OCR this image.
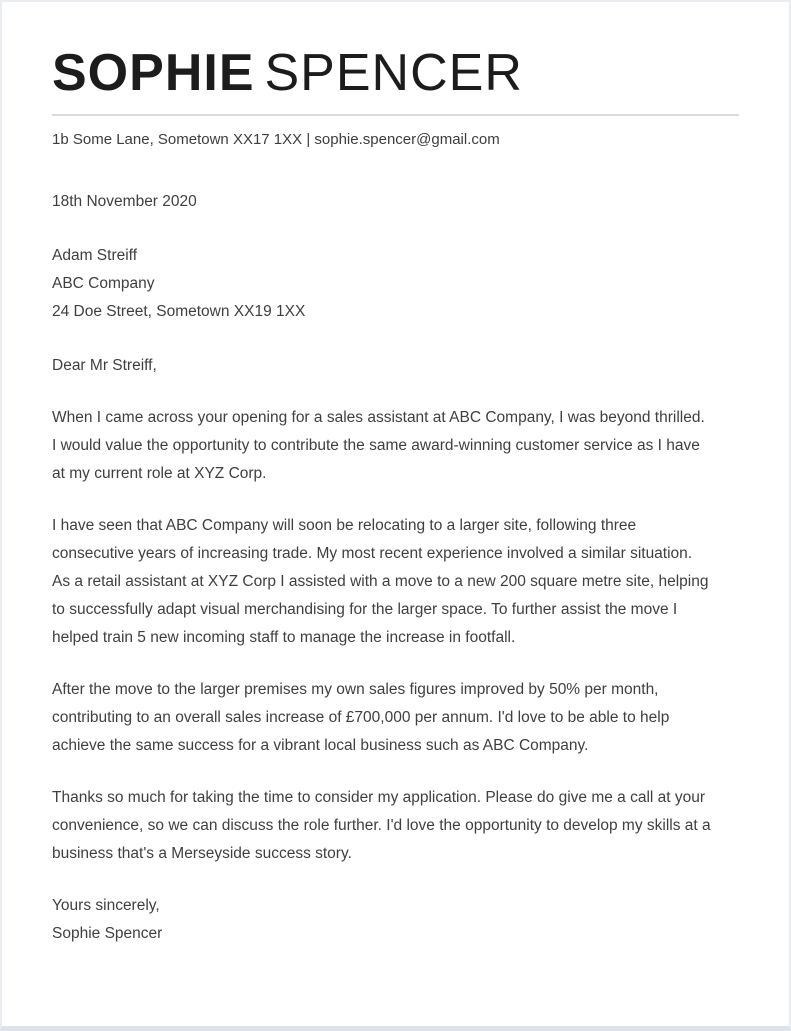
SOPHIE SPENCER
1b Some Lane, Sometown XX17 1XX | sophie.spencer@gmail.com
18th November 2020
Adam Streiff
ABC Company
24 Doe Street, Sometown XX19 1XX
Dear Mr Streiff,

When I came across your opening for a sales assistant at ABC Company, I was beyond thrilled. I would value the opportunity to contribute the same award-winning customer service as I have at my current role at XYZ Corp.

I have seen that ABC Company will soon be relocating to a larger site, following three consecutive years of increasing trade. My most recent experience involved a similar situation. As a retail assistant at XYZ Corp I assisted with a move to a new 200 square metre site, helping to successfully adapt visual merchandising for the larger space. To further assist the move I helped train 5 new incoming staff to manage the increase in footfall.

After the move to the larger premises my own sales figures improved by 50% per month, contributing to an overall sales increase of £700,000 per annum. I'd love to be able to help achieve the same success for a vibrant local business such as ABC Company.

Thanks so much for taking the time to consider my application. Please do give me a call at your convenience, so we can discuss the role further. I'd love the opportunity to develop my skills at a business that's a Merseyside success story.

Yours sincerely,
Sophie Spencer
